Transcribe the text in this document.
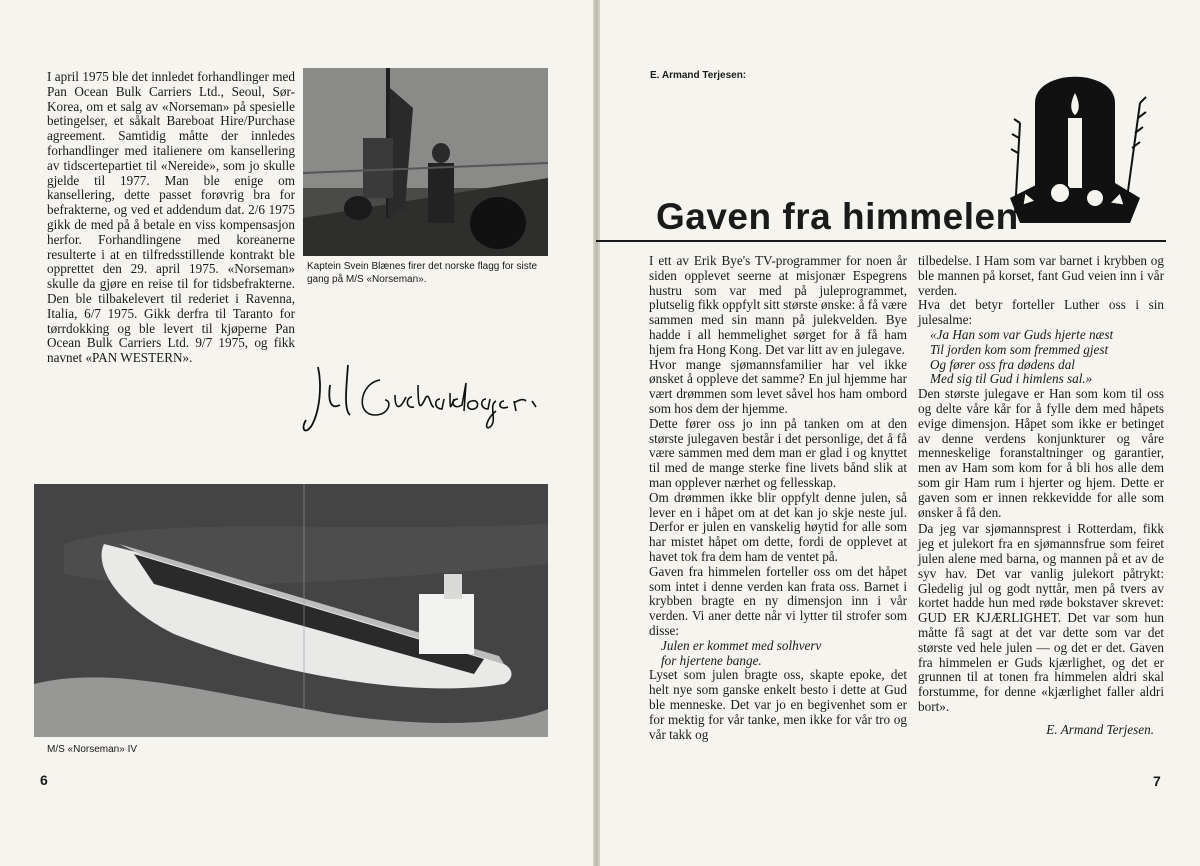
I april 1975 ble det innledet forhandlinger med Pan Ocean Bulk Carriers Ltd., Seoul, Sør-Korea, om et salg av «Norseman» på spesielle betingelser, et såkalt Bareboat Hire/Purchase agreement. Samtidig måtte der innledes forhandlinger med italienere om kansellering av tidscertepartiet til «Nereide», som jo skulle gjelde til 1977. Man ble enige om kansellering, dette passet forøvrig bra for befrakterne, og ved et addendum dat. 2/6 1975 gikk de med på å betale en viss kompensasjon herfor. Forhandlingene med koreanerne resulterte i at en tilfredsstillende kontrakt ble opprettet den 29. april 1975. «Norseman» skulle da gjøre en reise til for tidsbefrakterne. Den ble tilbakelevert til rederiet i Ravenna, Italia, 6/7 1975. Gikk derfra til Taranto for tørrdokking og ble levert til kjøperne Pan Ocean Bulk Carriers Ltd. 9/7 1975, og fikk navnet «PAN WESTERN».

Kaptein Svein Blænes firer det norske flagg for siste gang på M/S «Norseman».
M/S «Norseman» IV
6
E. Armand Terjesen:
Gaven fra himmelen

I ett av Erik Bye's TV-programmer for noen år siden opplevet seerne at misjonær Espegrens hustru som var med på juleprogrammet, plutselig fikk oppfylt sitt største ønske: å få være sammen med sin mann på julekvelden. Bye hadde i all hemmelighet sørget for å få ham hjem fra Hong Kong. Det var litt av en julegave.

Hvor mange sjømannsfamilier har vel ikke ønsket å oppleve det samme? En jul hjemme har vært drømmen som levet såvel hos ham ombord som hos dem der hjemme.

Dette fører oss jo inn på tanken om at den største julegaven består i det personlige, det å få være sammen med dem man er glad i og knyttet til med de mange sterke fine livets bånd slik at man opplever nærhet og fellesskap.

Om drømmen ikke blir oppfylt denne julen, så lever en i håpet om at det kan jo skje neste jul. Derfor er julen en vanskelig høytid for alle som har mistet håpet om dette, fordi de opplevet at havet tok fra dem ham de ventet på.

Gaven fra himmelen forteller oss om det håpet som intet i denne verden kan frata oss. Barnet i krybben bragte en ny dimensjon inn i vår verden. Vi aner dette når vi lytter til strofer som disse:

Julen er kommet med solhverv
for hjertene bange.

Lyset som julen bragte oss, skapte epoke, det helt nye som ganske enkelt besto i dette at Gud ble menneske. Det var jo en begivenhet som er for mektig for vår tanke, men ikke for vår tro og vår takk og

tilbedelse. I Ham som var barnet i krybben og ble mannen på korset, fant Gud veien inn i vår verden.

Hva det betyr forteller Luther oss i sin julesalme:

«Ja Han som var Guds hjerte næst
Til jorden kom som fremmed gjest
Og fører oss fra dødens dal
Med sig til Gud i himlens sal.»

Den største julegave er Han som kom til oss og delte våre kår for å fylle dem med håpets evige dimensjon. Håpet som ikke er betinget av denne verdens konjunkturer og våre menneskelige foranstaltninger og garantier, men av Ham som kom for å bli hos alle dem som gir Ham rum i hjerter og hjem. Dette er gaven som er innen rekkevidde for alle som ønsker å få den.

Da jeg var sjømannsprest i Rotterdam, fikk jeg et julekort fra en sjømannsfrue som feiret julen alene med barna, og mannen på et av de syv hav. Det var vanlig julekort påtrykt: Gledelig jul og godt nyttår, men på tvers av kortet hadde hun med røde bokstaver skrevet: GUD ER KJÆRLIGHET. Det var som hun måtte få sagt at det var dette som var det største ved hele julen — og det er det. Gaven fra himmelen er Guds kjærlighet, og det er grunnen til at tonen fra himmelen aldri skal forstumme, for denne «kjærlighet faller aldri bort».

E. Armand Terjesen.

7
